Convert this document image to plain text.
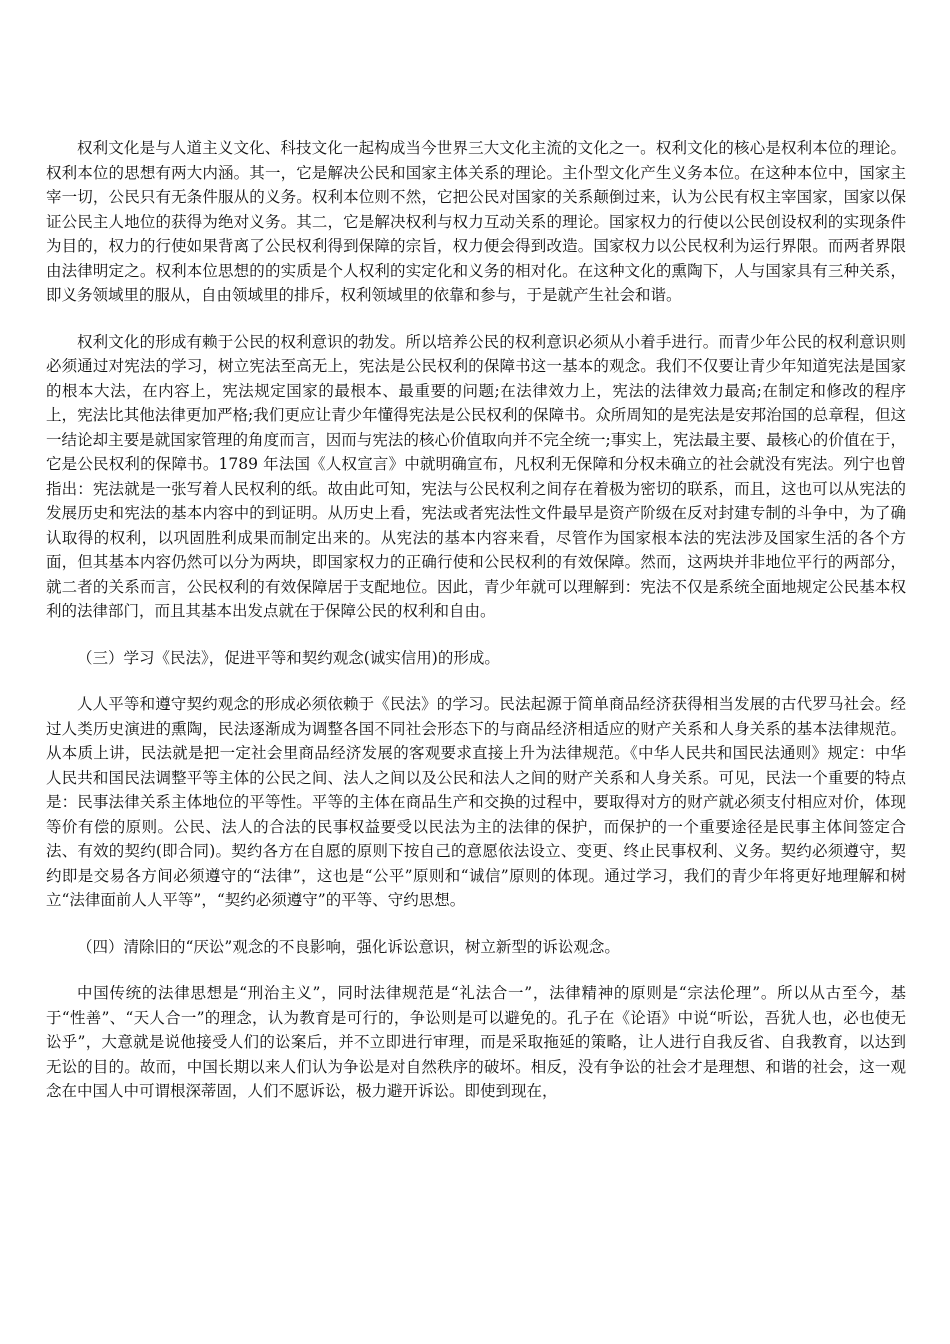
权利文化是与人道主义文化、科技文化一起构成当今世界三大文化主流的文化之一。权利文化的核心是权利本位的理论。权利本位的思想有两大内涵。其一，它是解决公民和国家主体关系的理论。主仆型文化产生义务本位。在这种本位中，国家主宰一切，公民只有无条件服从的义务。权利本位则不然，它把公民对国家的关系颠倒过来，认为公民有权主宰国家，国家以保证公民主人地位的获得为绝对义务。其二，它是解决权利与权力互动关系的理论。国家权力的行使以公民创设权利的实现条件为目的，权力的行使如果背离了公民权利得到保障的宗旨，权力便会得到改造。国家权力以公民权利为运行界限。而两者界限由法律明定之。权利本位思想的的实质是个人权利的实定化和义务的相对化。在这种文化的熏陶下，人与国家具有三种关系，即义务领域里的服从，自由领域里的排斥，权利领域里的依靠和参与，于是就产生社会和谐。

权利文化的形成有赖于公民的权利意识的勃发。所以培养公民的权利意识必须从小着手进行。而青少年公民的权利意识则必须通过对宪法的学习，树立宪法至高无上，宪法是公民权利的保障书这一基本的观念。我们不仅要让青少年知道宪法是国家的根本大法，在内容上，宪法规定国家的最根本、最重要的问题;在法律效力上，宪法的法律效力最高;在制定和修改的程序上，宪法比其他法律更加严格;我们更应让青少年懂得宪法是公民权利的保障书。众所周知的是宪法是安邦治国的总章程，但这一结论却主要是就国家管理的角度而言，因而与宪法的核心价值取向并不完全统一;事实上，宪法最主要、最核心的价值在于，它是公民权利的保障书。1789 年法国《人权宣言》中就明确宣布，凡权利无保障和分权未确立的社会就没有宪法。列宁也曾指出：宪法就是一张写着人民权利的纸。故由此可知，宪法与公民权利之间存在着极为密切的联系，而且，这也可以从宪法的发展历史和宪法的基本内容中的到证明。从历史上看，宪法或者宪法性文件最早是资产阶级在反对封建专制的斗争中，为了确认取得的权利，以巩固胜利成果而制定出来的。从宪法的基本内容来看，尽管作为国家根本法的宪法涉及国家生活的各个方面，但其基本内容仍然可以分为两块，即国家权力的正确行使和公民权利的有效保障。然而，这两块并非地位平行的两部分，就二者的关系而言，公民权利的有效保障居于支配地位。因此，青少年就可以理解到：宪法不仅是系统全面地规定公民基本权利的法律部门，而且其基本出发点就在于保障公民的权利和自由。

（三）学习《民法》，促进平等和契约观念(诚实信用)的形成。

人人平等和遵守契约观念的形成必须依赖于《民法》的学习。民法起源于简单商品经济获得相当发展的古代罗马社会。经过人类历史演进的熏陶，民法逐渐成为调整各国不同社会形态下的与商品经济相适应的财产关系和人身关系的基本法律规范。从本质上讲，民法就是把一定社会里商品经济发展的客观要求直接上升为法律规范。《中华人民共和国民法通则》规定：中华人民共和国民法调整平等主体的公民之间、法人之间以及公民和法人之间的财产关系和人身关系。可见，民法一个重要的特点是：民事法律关系主体地位的平等性。平等的主体在商品生产和交换的过程中，要取得对方的财产就必须支付相应对价，体现等价有偿的原则。公民、法人的合法的民事权益要受以民法为主的法律的保护，而保护的一个重要途径是民事主体间签定合法、有效的契约(即合同)。契约各方在自愿的原则下按自己的意愿依法设立、变更、终止民事权利、义务。契约必须遵守，契约即是交易各方间必须遵守的“法律”，这也是“公平”原则和“诚信”原则的体现。通过学习，我们的青少年将更好地理解和树立“法律面前人人平等”，“契约必须遵守”的平等、守约思想。

（四）清除旧的“厌讼”观念的不良影响，强化诉讼意识，树立新型的诉讼观念。

中国传统的法律思想是“刑治主义”，同时法律规范是“礼法合一”，法律精神的原则是“宗法伦理”。所以从古至今，基于“性善”、“天人合一”的理念，认为教育是可行的，争讼则是可以避免的。孔子在《论语》中说“听讼，吾犹人也，必也使无讼乎”，大意就是说他接受人们的讼案后，并不立即进行审理，而是采取拖延的策略，让人进行自我反省、自我教育，以达到无讼的目的。故而，中国长期以来人们认为争讼是对自然秩序的破坏。相反，没有争讼的社会才是理想、和谐的社会，这一观念在中国人中可谓根深蒂固，人们不愿诉讼，极力避开诉讼。即使到现在，
